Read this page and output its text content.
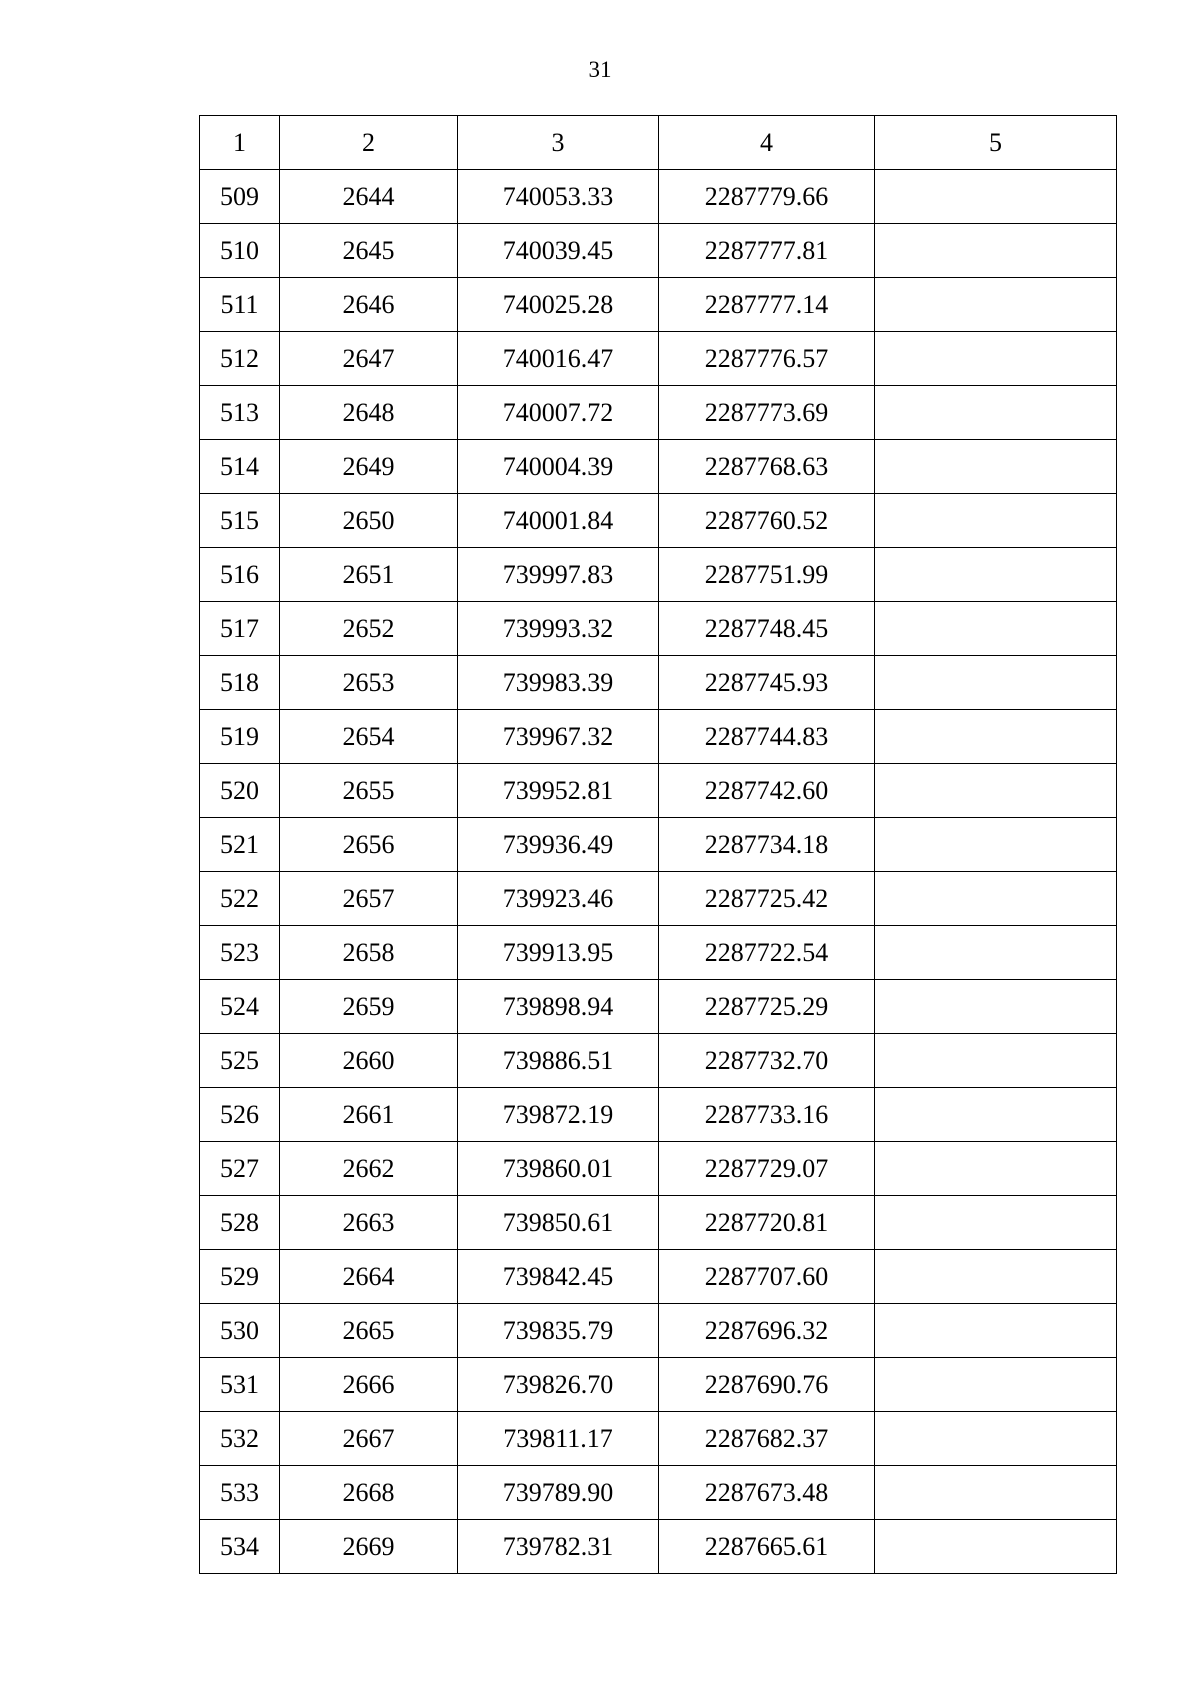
31
1	2	3	4	5
509	2644	740053.33	2287779.66	
510	2645	740039.45	2287777.81	
511	2646	740025.28	2287777.14	
512	2647	740016.47	2287776.57	
513	2648	740007.72	2287773.69	
514	2649	740004.39	2287768.63	
515	2650	740001.84	2287760.52	
516	2651	739997.83	2287751.99	
517	2652	739993.32	2287748.45	
518	2653	739983.39	2287745.93	
519	2654	739967.32	2287744.83	
520	2655	739952.81	2287742.60	
521	2656	739936.49	2287734.18	
522	2657	739923.46	2287725.42	
523	2658	739913.95	2287722.54	
524	2659	739898.94	2287725.29	
525	2660	739886.51	2287732.70	
526	2661	739872.19	2287733.16	
527	2662	739860.01	2287729.07	
528	2663	739850.61	2287720.81	
529	2664	739842.45	2287707.60	
530	2665	739835.79	2287696.32	
531	2666	739826.70	2287690.76	
532	2667	739811.17	2287682.37	
533	2668	739789.90	2287673.48	
534	2669	739782.31	2287665.61	
